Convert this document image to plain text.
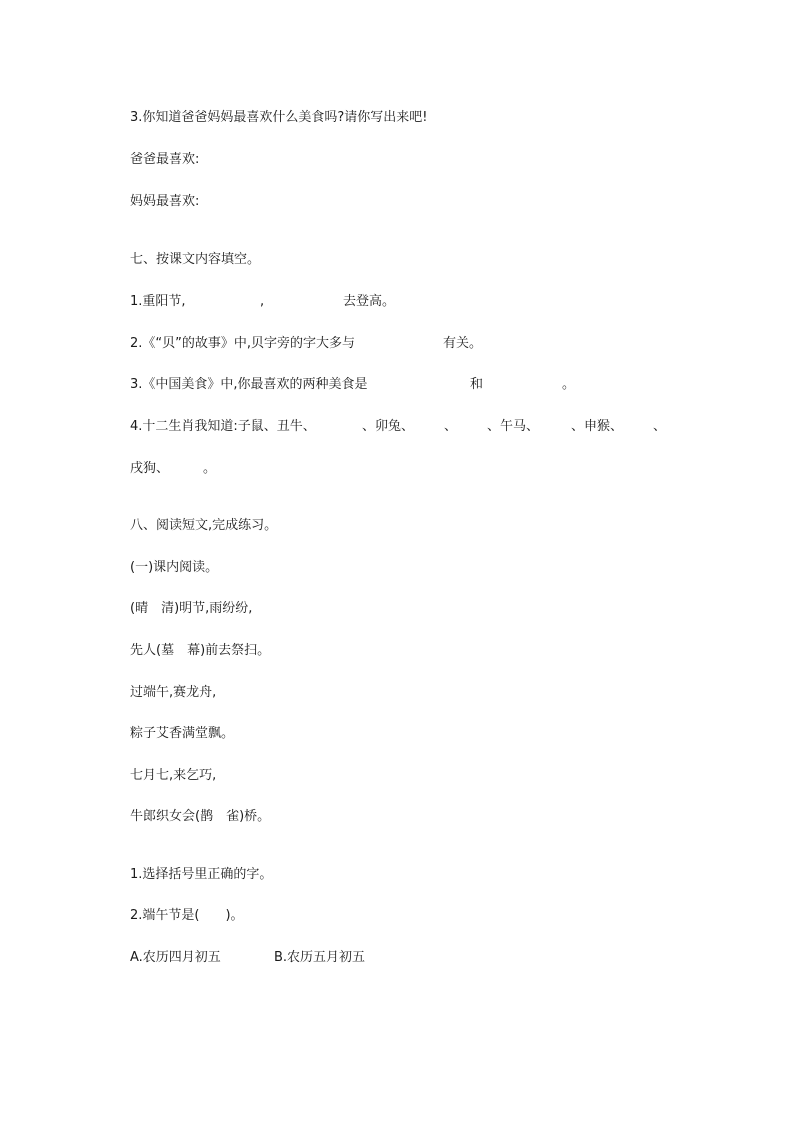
3.你知道爸爸妈妈最喜欢什么美食吗?请你写出来吧!
爸爸最喜欢:
妈妈最喜欢:
七、按课文内容填空。
1.重阳节,	,	去登高。
2.《“贝”的故事》中,贝字旁的字大多与	有关。
3.《中国美食》中,你最喜欢的两种美食是	和	。
4.十二生肖我知道:子鼠、丑牛、	、卯兔、 、 、午马、 、申猴、 、
戌狗、	。
八、阅读短文,完成练习。
(一)课内阅读。
(晴　清)明节,雨纷纷,
先人(墓　幕)前去祭扫。
过端午,赛龙舟,
粽子艾香满堂飘。
七月七,来乞巧,
牛郎织女会(鹊　雀)桥。
1.选择括号里正确的字。
2.端午节是(　　)。
A.农历四月初五	B.农历五月初五
